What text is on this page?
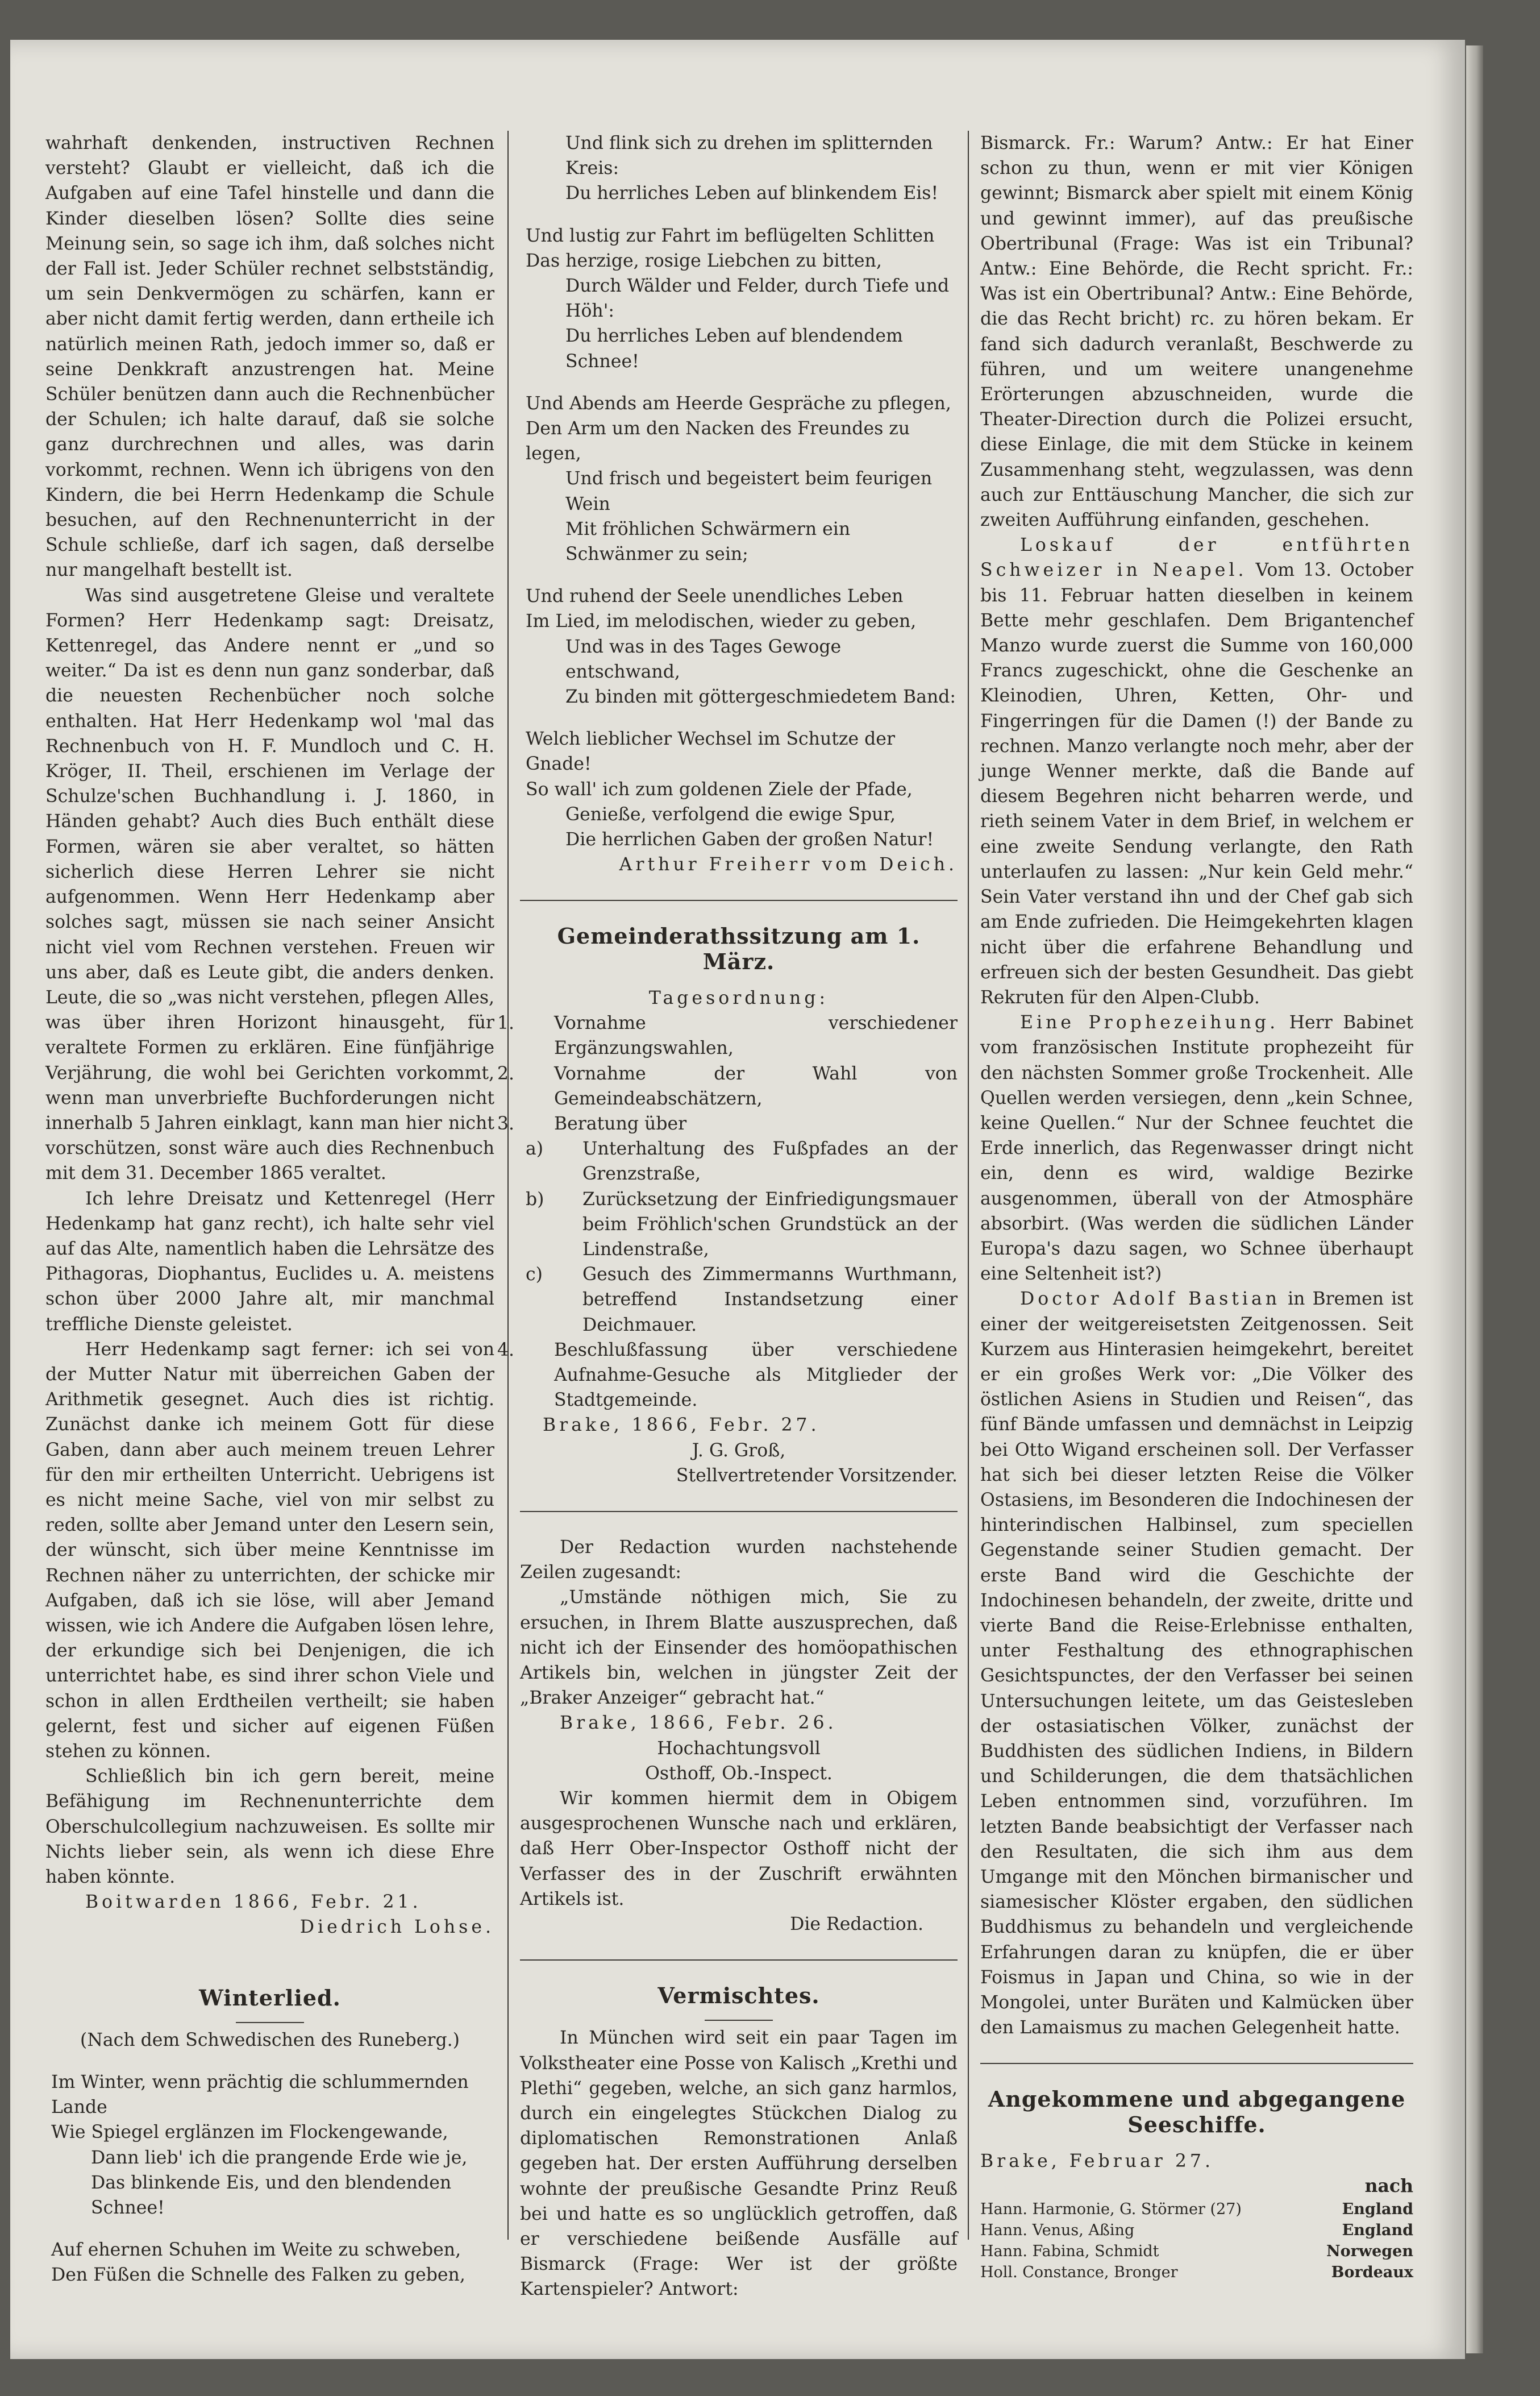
wahrhaft denkenden, instructiven Rechnen versteht? Glaubt er vielleicht, daß ich die Aufgaben auf eine Tafel hinstelle und dann die Kinder dieselben lösen? Sollte dies seine Meinung sein, so sage ich ihm, daß solches nicht der Fall ist. Jeder Schüler rechnet selbstständig, um sein Denkvermögen zu schärfen, kann er aber nicht damit fertig werden, dann ertheile ich natürlich meinen Rath, jedoch immer so, daß er seine Denkkraft anzustrengen hat. Meine Schüler benützen dann auch die Rechnenbücher der Schulen; ich halte darauf, daß sie solche ganz durchrechnen und alles, was darin vorkommt, rechnen. Wenn ich übrigens von den Kindern, die bei Herrn Hedenkamp die Schule besuchen, auf den Rechnenunterricht in der Schule schließe, darf ich sagen, daß derselbe nur mangelhaft bestellt ist.

Was sind ausgetretene Gleise und veraltete Formen? Herr Hedenkamp sagt: Dreisatz, Kettenregel, das Andere nennt er „und so weiter.“ Da ist es denn nun ganz sonderbar, daß die neuesten Rechenbücher noch solche enthalten. Hat Herr Hedenkamp wol 'mal das Rechnenbuch von H. F. Mundloch und C. H. Kröger, II. Theil, erschienen im Verlage der Schulze'schen Buchhandlung i. J. 1860, in Händen gehabt? Auch dies Buch enthält diese Formen, wären sie aber veraltet, so hätten sicherlich diese Herren Lehrer sie nicht aufgenommen. Wenn Herr Hedenkamp aber solches sagt, müssen sie nach seiner Ansicht nicht viel vom Rechnen verstehen. Freuen wir uns aber, daß es Leute gibt, die anders denken. Leute, die so „was nicht verstehen, pflegen Alles, was über ihren Horizont hinausgeht, für veraltete Formen zu erklären. Eine fünfjährige Verjährung, die wohl bei Gerichten vorkommt, wenn man unverbriefte Buchforderungen nicht innerhalb 5 Jahren einklagt, kann man hier nicht vorschützen, sonst wäre auch dies Rechnenbuch mit dem 31. December 1865 veraltet.

Ich lehre Dreisatz und Kettenregel (Herr Hedenkamp hat ganz recht), ich halte sehr viel auf das Alte, namentlich haben die Lehrsätze des Pithagoras, Diophantus, Euclides u. A. meistens schon über 2000 Jahre alt, mir manchmal treffliche Dienste geleistet.

Herr Hedenkamp sagt ferner: ich sei von der Mutter Natur mit überreichen Gaben der Arithmetik gesegnet. Auch dies ist richtig. Zunächst danke ich meinem Gott für diese Gaben, dann aber auch meinem treuen Lehrer für den mir ertheilten Unterricht. Uebrigens ist es nicht meine Sache, viel von mir selbst zu reden, sollte aber Jemand unter den Lesern sein, der wünscht, sich über meine Kenntnisse im Rechnen näher zu unterrichten, der schicke mir Aufgaben, daß ich sie löse, will aber Jemand wissen, wie ich Andere die Aufgaben lösen lehre, der erkundige sich bei Denjenigen, die ich unterrichtet habe, es sind ihrer schon Viele und schon in allen Erdtheilen vertheilt; sie haben gelernt, fest und sicher auf eigenen Füßen stehen zu können.

Schließlich bin ich gern bereit, meine Befähigung im Rechnenunterrichte dem Oberschulcollegium nachzuweisen. Es sollte mir Nichts lieber sein, als wenn ich diese Ehre haben könnte.

Boitwarden 1866, Febr. 21.

Diedrich Lohse.

Winterlied.

(Nach dem Schwedischen des Runeberg.)

Im Winter, wenn prächtig die schlummernden Lande

Wie Spiegel erglänzen im Flockengewande,

Dann lieb' ich die prangende Erde wie je,

Das blinkende Eis, und den blendenden Schnee!

Auf ehernen Schuhen im Weite zu schweben,

Den Füßen die Schnelle des Falken zu geben,

Und flink sich zu drehen im splitternden Kreis:

Du herrliches Leben auf blinkendem Eis!

Und lustig zur Fahrt im beflügelten Schlitten

Das herzige, rosige Liebchen zu bitten,

Durch Wälder und Felder, durch Tiefe und Höh':

Du herrliches Leben auf blendendem Schnee!

Und Abends am Heerde Gespräche zu pflegen,

Den Arm um den Nacken des Freundes zu legen,

Und frisch und begeistert beim feurigen Wein

Mit fröhlichen Schwärmern ein Schwänmer zu sein;

Und ruhend der Seele unendliches Leben

Im Lied, im melodischen, wieder zu geben,

Und was in des Tages Gewoge entschwand,

Zu binden mit göttergeschmiedetem Band:

Welch lieblicher Wechsel im Schutze der Gnade!

So wall' ich zum goldenen Ziele der Pfade,

Genieße, verfolgend die ewige Spur,

Die herrlichen Gaben der großen Natur!

Arthur Freiherr vom Deich.

Gemeinderathssitzung am 1. März.

Tagesordnung:

1. Vornahme verschiedener Ergänzungswahlen,

2. Vornahme der Wahl von Gemeindeabschätzern,

3. Beratung über

a) Unterhaltung des Fußpfades an der Grenzstraße,

b) Zurücksetzung der Einfriedigungsmauer beim Fröhlich'schen Grundstück an der Lindenstraße,

c) Gesuch des Zimmermanns Wurthmann, betreffend Instandsetzung einer Deichmauer.

4. Beschlußfassung über verschiedene Aufnahme-Gesuche als Mitglieder der Stadtgemeinde.

Brake, 1866, Febr. 27.

J. G. Groß,

Stellvertretender Vorsitzender.

Der Redaction wurden nachstehende Zeilen zugesandt:

„Umstände nöthigen mich, Sie zu ersuchen, in Ihrem Blatte auszusprechen, daß nicht ich der Einsender des homöopathischen Artikels bin, welchen in jüngster Zeit der „Braker Anzeiger“ gebracht hat.“

Brake, 1866, Febr. 26.

Hochachtungsvoll

Osthoff, Ob.-Inspect.

Wir kommen hiermit dem in Obigem ausgesprochenen Wunsche nach und erklären, daß Herr Ober-Inspector Osthoff nicht der Verfasser des in der Zuschrift erwähnten Artikels ist.

Die Redaction.

Vermischtes.

In München wird seit ein paar Tagen im Volkstheater eine Posse von Kalisch „Krethi und Plethi“ gegeben, welche, an sich ganz harmlos, durch ein eingelegtes Stückchen Dialog zu diplomatischen Remonstrationen Anlaß gegeben hat. Der ersten Aufführung derselben wohnte der preußische Gesandte Prinz Reuß bei und hatte es so unglücklich getroffen, daß er verschiedene beißende Ausfälle auf Bismarck (Frage: Wer ist der größte Kartenspieler? Antwort:

Bismarck. Fr.: Warum? Antw.: Er hat Einer schon zu thun, wenn er mit vier Königen gewinnt; Bismarck aber spielt mit einem König und gewinnt immer), auf das preußische Obertribunal (Frage: Was ist ein Tribunal? Antw.: Eine Behörde, die Recht spricht. Fr.: Was ist ein Obertribunal? Antw.: Eine Behörde, die das Recht bricht) rc. zu hören bekam. Er fand sich dadurch veranlaßt, Beschwerde zu führen, und um weitere unangenehme Erörterungen abzuschneiden, wurde die Theater-Direction durch die Polizei ersucht, diese Einlage, die mit dem Stücke in keinem Zusammenhang steht, wegzulassen, was denn auch zur Enttäuschung Mancher, die sich zur zweiten Aufführung einfanden, geschehen.

Loskauf der entführten Schweizer in Neapel. Vom 13. October bis 11. Februar hatten dieselben in keinem Bette mehr geschlafen. Dem Brigantenchef Manzo wurde zuerst die Summe von 160,000 Francs zugeschickt, ohne die Geschenke an Kleinodien, Uhren, Ketten, Ohr- und Fingerringen für die Damen (!) der Bande zu rechnen. Manzo verlangte noch mehr, aber der junge Wenner merkte, daß die Bande auf diesem Begehren nicht beharren werde, und rieth seinem Vater in dem Brief, in welchem er eine zweite Sendung verlangte, den Rath unterlaufen zu lassen: „Nur kein Geld mehr.“ Sein Vater verstand ihn und der Chef gab sich am Ende zufrieden. Die Heimgekehrten klagen nicht über die erfahrene Behandlung und erfreuen sich der besten Gesundheit. Das giebt Rekruten für den Alpen-Clubb.

Eine Prophezeihung. Herr Babinet vom französischen Institute prophezeiht für den nächsten Sommer große Trockenheit. Alle Quellen werden versiegen, denn „kein Schnee, keine Quellen.“ Nur der Schnee feuchtet die Erde innerlich, das Regenwasser dringt nicht ein, denn es wird, waldige Bezirke ausgenommen, überall von der Atmosphäre absorbirt. (Was werden die südlichen Länder Europa's dazu sagen, wo Schnee überhaupt eine Seltenheit ist?)

Doctor Adolf Bastian in Bremen ist einer der weitgereisetsten Zeitgenossen. Seit Kurzem aus Hinterasien heimgekehrt, bereitet er ein großes Werk vor: „Die Völker des östlichen Asiens in Studien und Reisen“, das fünf Bände umfassen und demnächst in Leipzig bei Otto Wigand erscheinen soll. Der Verfasser hat sich bei dieser letzten Reise die Völker Ostasiens, im Besonderen die Indochinesen der hinterindischen Halbinsel, zum speciellen Gegenstande seiner Studien gemacht. Der erste Band wird die Geschichte der Indochinesen behandeln, der zweite, dritte und vierte Band die Reise-Erlebnisse enthalten, unter Festhaltung des ethnographischen Gesichtspunctes, der den Verfasser bei seinen Untersuchungen leitete, um das Geistesleben der ostasiatischen Völker, zunächst der Buddhisten des südlichen Indiens, in Bildern und Schilderungen, die dem thatsächlichen Leben entnommen sind, vorzuführen. Im letzten Bande beabsichtigt der Verfasser nach den Resultaten, die sich ihm aus dem Umgange mit den Mönchen birmanischer und siamesischer Klöster ergaben, den südlichen Buddhismus zu behandeln und vergleichende Erfahrungen daran zu knüpfen, die er über Foismus in Japan und China, so wie in der Mongolei, unter Buräten und Kalmücken über den Lamaismus zu machen Gelegenheit hatte.

Angekommene und abgegangene Seeschiffe.

Brake, Februar 27.

nach

Hann. Harmonie, G. Störmer (27)	England
Hann. Venus, Aßing	England
Hann. Fabina, Schmidt	Norwegen
Holl. Constance, Bronger	Bordeaux
